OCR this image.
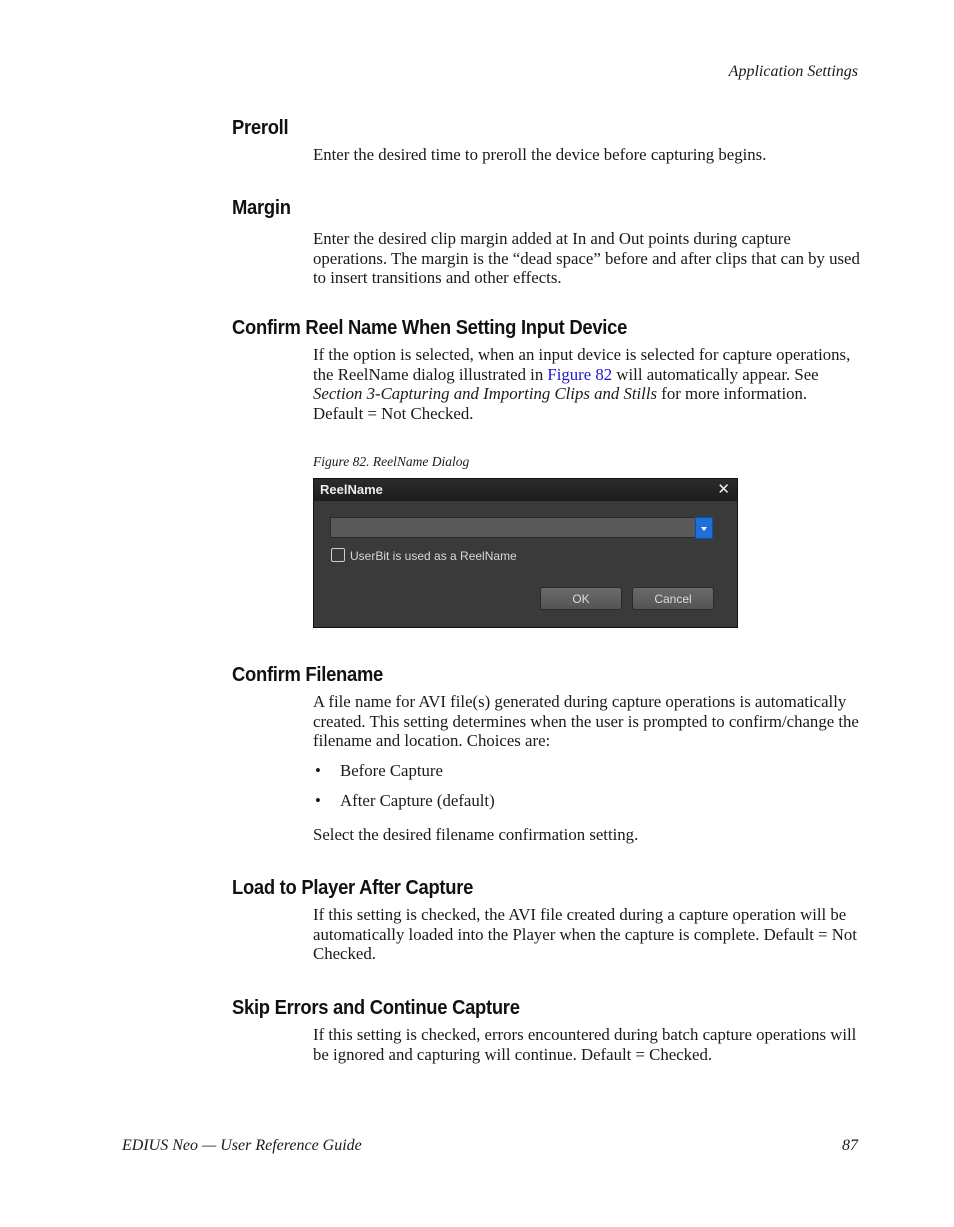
Application Settings
Preroll

Enter the desired time to preroll the device before capturing begins.

Margin

Enter the desired clip margin added at In and Out points during capture operations. The margin is the “dead space” before and after clips that can by used to insert transitions and other effects.

Confirm Reel Name When Setting Input Device

If the option is selected, when an input device is selected for capture operations, the ReelName dialog illustrated in Figure 82 will automatically appear. See Section 3-Capturing and Importing Clips and Stills for more information. Default = Not Checked.

Figure 82. ReelName Dialog
ReelName	✕
UserBit is used as a ReelName
OK	Cancel
Confirm Filename

A file name for AVI file(s) generated during capture operations is automatically created. This setting determines when the user is prompted to confirm/change the filename and location. Choices are:

• Before Capture
• After Capture (default)

Select the desired filename confirmation setting.

Load to Player After Capture

If this setting is checked, the AVI file created during a capture operation will be automatically loaded into the Player when the capture is complete. Default = Not Checked.

Skip Errors and Continue Capture

If this setting is checked, errors encountered during batch capture operations will be ignored and capturing will continue. Default = Checked.

EDIUS Neo — User Reference Guide	87
